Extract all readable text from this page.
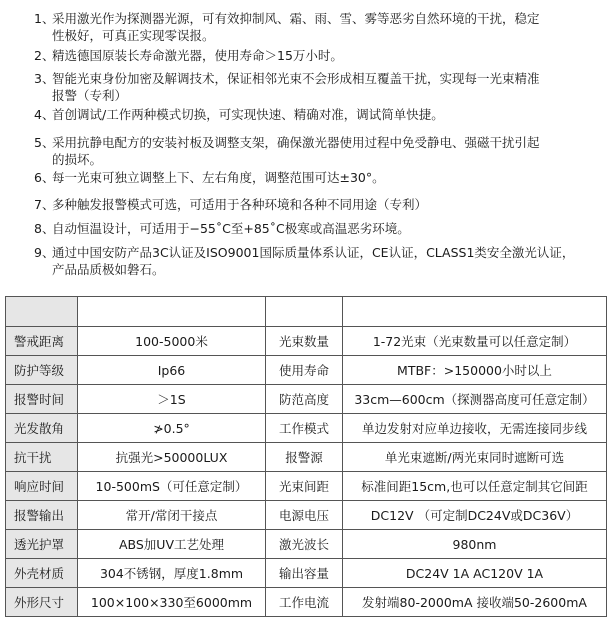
1、
采用激光作为探测器光源，可有效抑制风、霜、雨、雪、雾等恶劣自然环境的干扰，稳定
性极好，可真正实现零误报。
2、
精选德国原装长寿命激光器，使用寿命＞15万小时。
3、
智能光束身份加密及解调技术，保证相邻光束不会形成相互覆盖干扰，实现每一光束精准
报警（专利）
4、
首创调试/工作两种模式切换，可实现快速、精确对准，调试简单快捷。
5、
采用抗静电配方的安装衬板及调整支架，确保激光器使用过程中免受静电、强磁干扰引起
的损坏。
6、
每一光束可独立调整上下、左右角度，调整范围可达±30°。
7、
多种触发报警模式可选，可适用于各种环境和各种不同用途（专利）
8、
自动恒温设计，可适用于−55˚C至+85˚C极寒或高温恶劣环境。
9、
通过中国安防产品3C认证及ISO9001国际质量体系认证，CE认证，CLASS1类安全激光认证，
产品品质极如磐石。

警戒距离	100-5000米	光束数量	1-72光束（光束数量可以任意定制）
防护等级	Ip66	使用寿命	MTBF：>150000小时以上
报警时间	＞1S	防范高度	33cm—600cm（探测器高度可任意定制）
光发散角	≯0.5°	工作模式	单边发射对应单边接收，无需连接同步线
抗干扰	抗强光>50000LUX	报警源	单光束遮断/两光束同时遮断可选
响应时间	10-500mS（可任意定制）	光束间距	标准间距15cm,也可以任意定制其它间距
报警输出	常开/常闭干接点	电源电压	DC12V （可定制DC24V或DC36V）
透光护罩	ABS加UV工艺处理	激光波长	980nm
外壳材质	304不锈钢，厚度1.8mm	输出容量	DC24V 1A AC120V 1A
外形尺寸	100×100×330至6000mm	工作电流	发射端80-2000mA 接收端50-2600mA
